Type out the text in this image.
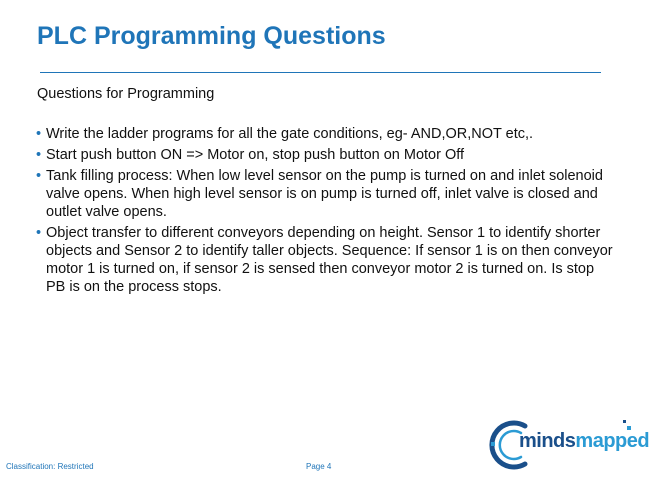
PLC Programming Questions
Questions for Programming
• Write the ladder programs for all the gate conditions, eg- AND,OR,NOT etc,.
• Start push button ON => Motor on, stop push button on Motor Off
• Tank filling process: When low level sensor on the pump is turned on and inlet solenoid valve opens. When high level sensor is on pump is turned off, inlet valve is closed and outlet valve opens.
• Object transfer to different conveyors depending on height. Sensor 1 to identify shorter objects and Sensor 2 to identify taller objects. Sequence: If sensor 1 is on then conveyor motor 1 is turned on, if sensor 2 is sensed then conveyor motor 2 is turned on. Is stop PB is on the process stops.
mindsmapped
Classification: Restricted	Page 4
